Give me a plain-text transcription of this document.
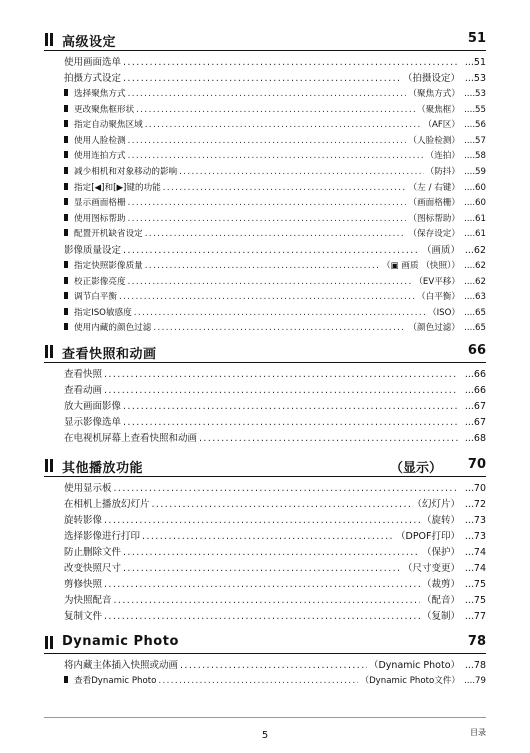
高级设定	51
使用画面选单 .....	...51
拍摄方式设定 .....	（拍摄设定） ...53
选择聚焦方式 .....	（聚焦方式） ....53
更改聚焦框形状 .....	（聚焦框） ....55
指定自动聚焦区域 .....	（AF区） ....56
使用人脸检测 .....	（人脸检测） ....57
使用连拍方式 .....	（连拍） ....58
减少相机和对象移动的影响 .....	（防抖） ....59
指定[◀]和[▶]键的功能 .....	（左 / 右键） ....60
显示画面格栅 .....	（画面格栅） ....60
使用图标帮助 .....	（图标帮助） ....61
配置开机缺省设定 .....	（保存设定） ....61
影像质量设定 .....	（画质） ...62
指定快照影像质量 .....	（▣ 画质 （快照）） ....62
校正影像亮度 .....	（EV平移） ....62
调节白平衡 .....	（白平衡） ....63
指定ISO敏感度 .....	（ISO） ....65
使用内藏的颜色过滤 .....	（颜色过滤） ....65
查看快照和动画	66
查看快照 .....	...66
查看动画 .....	...66
放大画面影像 .....	...67
显示影像选单 .....	...67
在电视机屏幕上查看快照和动画 .....	...68
其他播放功能	（显示） 70
使用显示板 .....	...70
在相机上播放幻灯片 .....	（幻灯片） ...72
旋转影像 .....	（旋转） ...73
选择影像进行打印 .....	（DPOF打印） ...73
防止删除文件 .....	（保护） ...74
改变快照尺寸 .....	（尺寸变更） ...74
剪修快照 .....	（裁剪） ...75
为快照配音 .....	（配音） ...75
复制文件 .....	（复制） ...77
Dynamic Photo	78
将内藏主体插入快照或动画 .....	（Dynamic Photo） ...78
查看Dynamic Photo .....	（Dynamic Photo文件） ....79
5	目录
